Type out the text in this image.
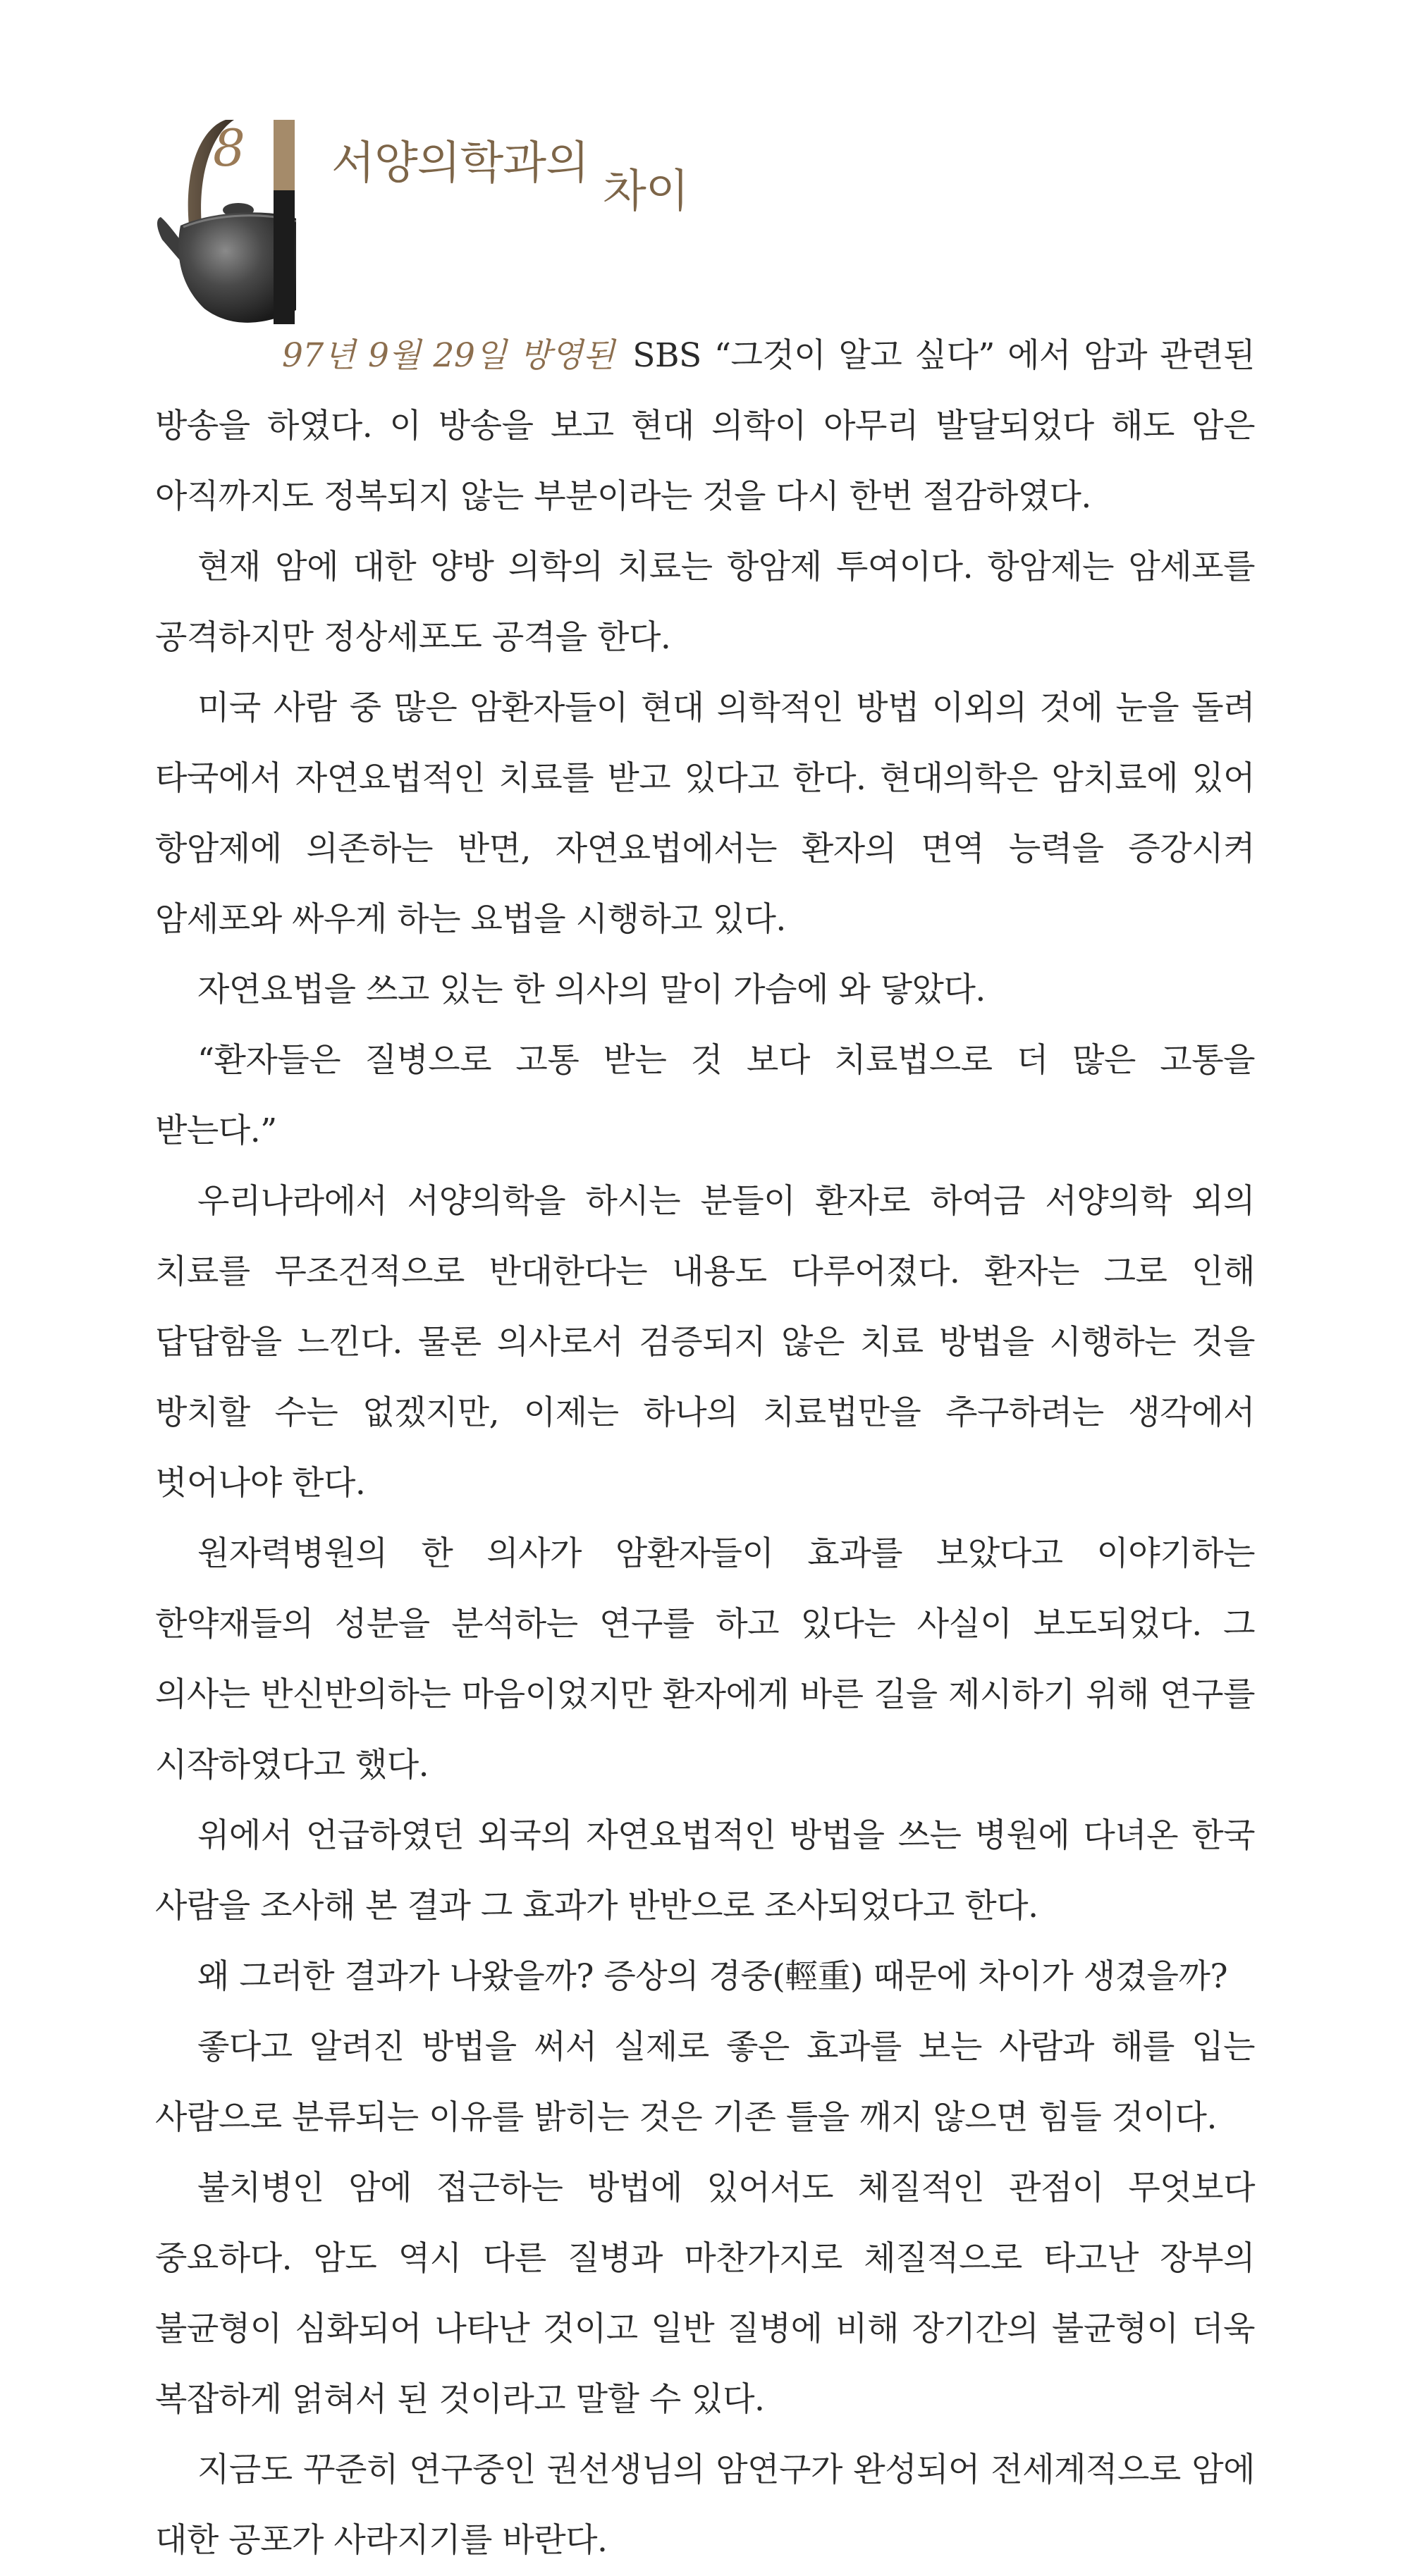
8 서양의학과의차이

97년 9월 29일 방영된 SBS “그것이 알고 싶다” 에서 암과 관련된 방송을 하였다. 이 방송을 보고 현대 의학이 아무리 발달되었다 해도 암은 아직까지도 정복되지 않는 부분이라는 것을 다시 한번 절감하였다.

현재 암에 대한 양방 의학의 치료는 항암제 투여이다. 항암제는 암세포를 공격하지만 정상세포도 공격을 한다.

미국 사람 중 많은 암환자들이 현대 의학적인 방법 이외의 것에 눈을 돌려 타국에서 자연요법적인 치료를 받고 있다고 한다. 현대의학은 암치료에 있어 항암제에 의존하는 반면, 자연요법에서는 환자의 면역 능력을 증강시켜 암세포와 싸우게 하는 요법을 시행하고 있다.

자연요법을 쓰고 있는 한 의사의 말이 가슴에 와 닿았다.

“환자들은 질병으로 고통 받는 것 보다 치료법으로 더 많은 고통을 받는다.”

우리나라에서 서양의학을 하시는 분들이 환자로 하여금 서양의학 외의 치료를 무조건적으로 반대한다는 내용도 다루어졌다. 환자는 그로 인해 답답함을 느낀다. 물론 의사로서 검증되지 않은 치료 방법을 시행하는 것을 방치할 수는 없겠지만, 이제는 하나의 치료법만을 추구하려는 생각에서 벗어나야 한다.

원자력병원의 한 의사가 암환자들이 효과를 보았다고 이야기하는 한약재들의 성분을 분석하는 연구를 하고 있다는 사실이 보도되었다. 그 의사는 반신반의하는 마음이었지만 환자에게 바른 길을 제시하기 위해 연구를 시작하였다고 했다.

위에서 언급하였던 외국의 자연요법적인 방법을 쓰는 병원에 다녀온 한국 사람을 조사해 본 결과 그 효과가 반반으로 조사되었다고 한다.

왜 그러한 결과가 나왔을까? 증상의 경중(輕重) 때문에 차이가 생겼을까?

좋다고 알려진 방법을 써서 실제로 좋은 효과를 보는 사람과 해를 입는 사람으로 분류되는 이유를 밝히는 것은 기존 틀을 깨지 않으면 힘들 것이다.

불치병인 암에 접근하는 방법에 있어서도 체질적인 관점이 무엇보다 중요하다. 암도 역시 다른 질병과 마찬가지로 체질적으로 타고난 장부의 불균형이 심화되어 나타난 것이고 일반 질병에 비해 장기간의 불균형이 더욱 복잡하게 얽혀서 된 것이라고 말할 수 있다.

지금도 꾸준히 연구중인 권선생님의 암연구가 완성되어 전세계적으로 암에 대한 공포가 사라지기를 바란다.
